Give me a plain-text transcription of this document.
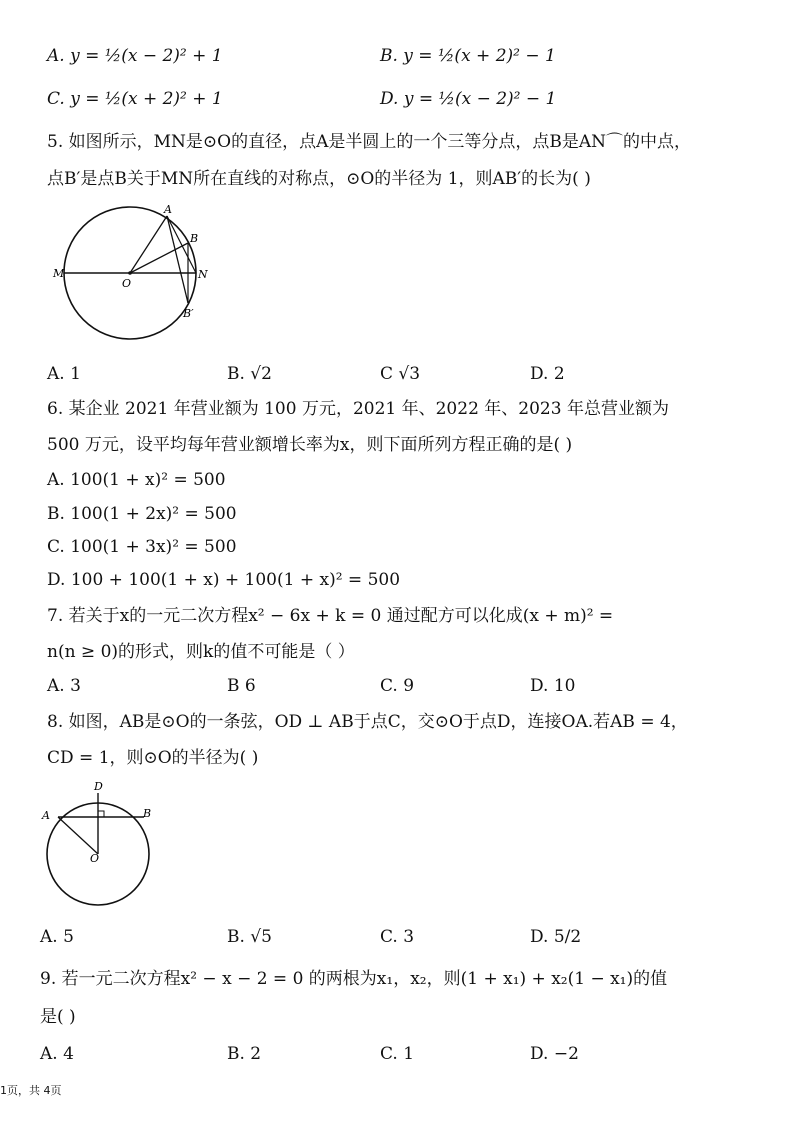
A. y = ½(x − 2)² + 1	B. y = ½(x + 2)² − 1
C. y = ½(x + 2)² + 1	D. y = ½(x − 2)² − 1
5. 如图所示，MN是⊙O的直径，点A是半圆上的一个三等分点，点B是AN⌒的中点，
点B′是点B关于MN所在直线的对称点，⊙O的半径为 1，则AB′的长为( )
M
O
N
A
B
B′
A. 1	B. √2	C √3	D. 2
6. 某企业 2021 年营业额为 100 万元，2021 年、2022 年、2023 年总营业额为
500 万元，设平均每年营业额增长率为x，则下面所列方程正确的是( )
A. 100(1 + x)² = 500
B. 100(1 + 2x)² = 500
C. 100(1 + 3x)² = 500
D. 100 + 100(1 + x) + 100(1 + x)² = 500
7. 若关于x的一元二次方程x² − 6x + k = 0 通过配方可以化成(x + m)² =
n(n ≥ 0)的形式，则k的值不可能是（ ）
A. 3	B 6	C. 9	D. 10
8. 如图，AB是⊙O的一条弦，OD ⊥ AB于点C，交⊙O于点D，连接OA.若AB = 4，
CD = 1，则⊙O的半径为( )
A	B
D
O
A. 5	B. √5	C. 3	D. 5/2
9. 若一元二次方程x² − x − 2 = 0 的两根为x₁，x₂，则(1 + x₁) + x₂(1 − x₁)的值
是( )
A. 4	B. 2	C. 1	D. −2
1页，共 4页
